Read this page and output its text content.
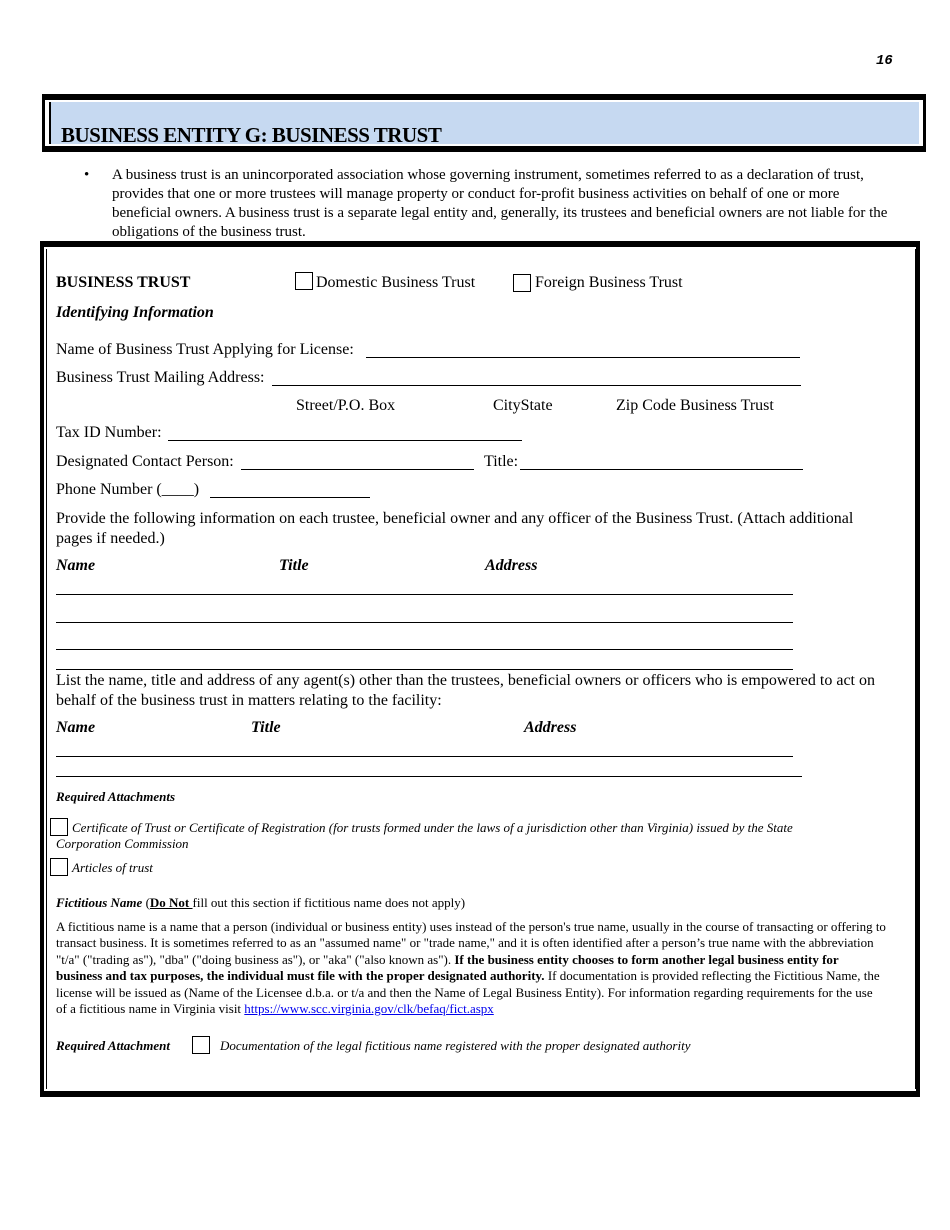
16
BUSINESS ENTITY G: BUSINESS TRUST
• A business trust is an unincorporated association whose governing instrument, sometimes referred to as a declaration of trust, provides that one or more trustees will manage property or conduct for-profit business activities on behalf of one or more beneficial owners. A business trust is a separate legal entity and, generally, its trustees and beneficial owners are not liable for the obligations of the business trust.
BUSINESS TRUST	Domestic Business Trust	Foreign Business Trust
Identifying Information
Name of Business Trust Applying for License:
Business Trust Mailing Address:
Street/P.O. Box	CityState	Zip Code Business Trust
Tax ID Number:
Designated Contact Person:	Title:
Phone Number (____)
Provide the following information on each trustee, beneficial owner and any officer of the Business Trust. (Attach additional pages if needed.)
Name	Title	Address
List the name, title and address of any agent(s) other than the trustees, beneficial owners or officers who is empowered to act on behalf of the business trust in matters relating to the facility:
Name	Title	Address
Required Attachments
Certificate of Trust or Certificate of Registration (for trusts formed under the laws of a jurisdiction other than Virginia) issued by the State Corporation Commission
Articles of trust
Fictitious Name (Do Not fill out this section if fictitious name does not apply)
A fictitious name is a name that a person (individual or business entity) uses instead of the person's true name, usually in the course of transacting or offering to transact business. It is sometimes referred to as an "assumed name" or "trade name," and it is often identified after a person’s true name with the abbreviation "t/a" ("trading as"), "dba" ("doing business as"), or "aka" ("also known as"). If the business entity chooses to form another legal business entity for business and tax purposes, the individual must file with the proper designated authority. If documentation is provided reflecting the Fictitious Name, the license will be issued as (Name of the Licensee d.b.a. or t/a and then the Name of Legal Business Entity). For information regarding requirements for the use of a fictitious name in Virginia visit https://www.scc.virginia.gov/clk/befaq/fict.aspx
Required Attachment	Documentation of the legal fictitious name registered with the proper designated authority
